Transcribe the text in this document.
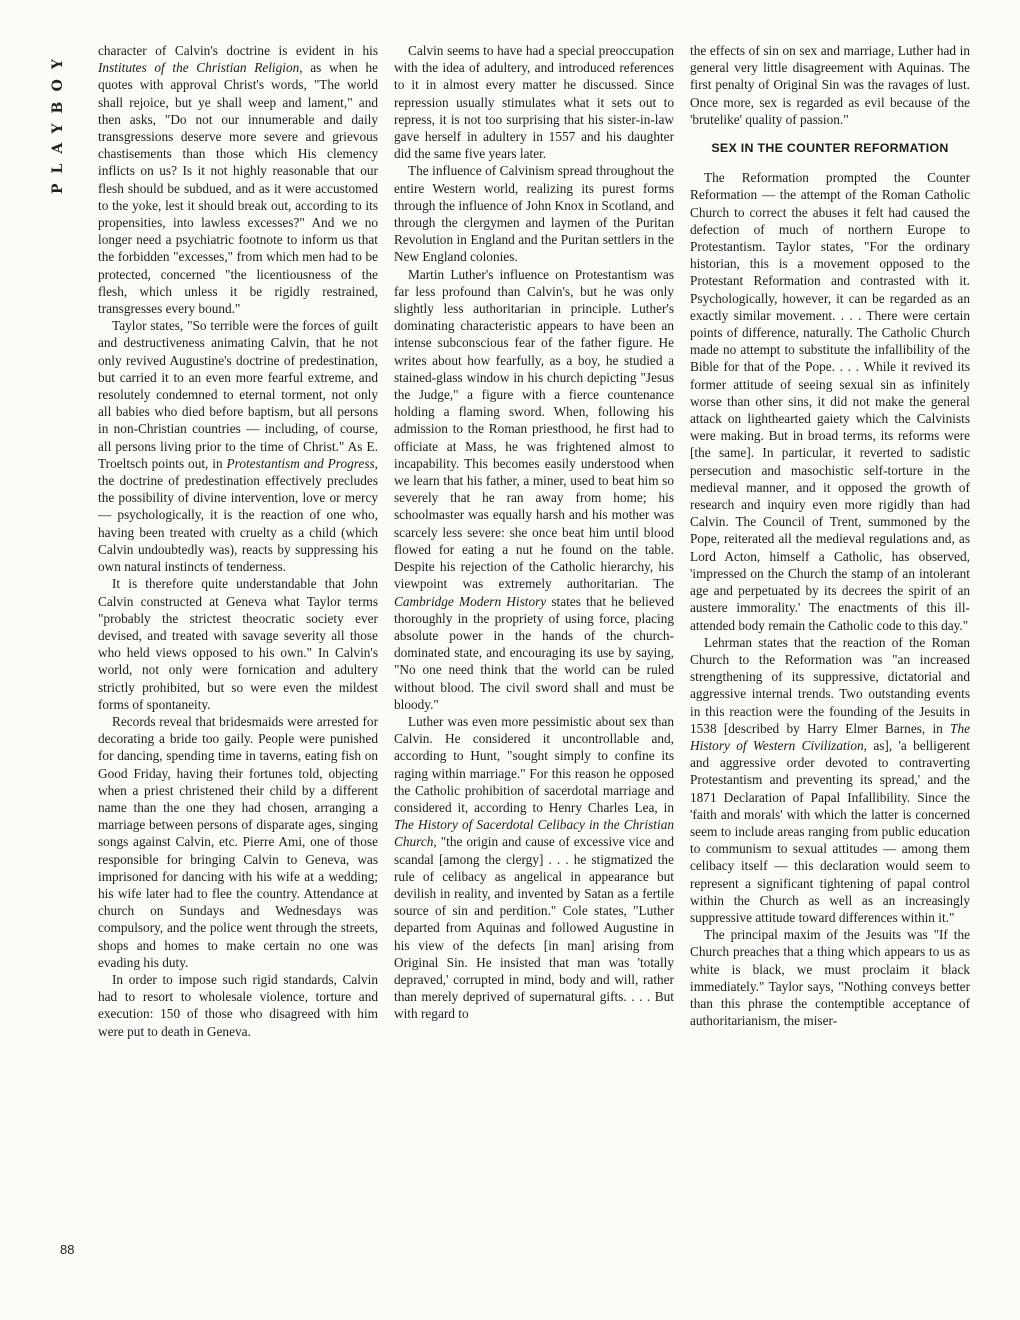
PLAYBOY	character of Calvin's doctrine is evident in his Institutes of the Christian Religion, as when he quotes with approval Christ's words, "The world shall rejoice, but ye shall weep and lament," and then asks, "Do not our innumerable and daily transgressions deserve more severe and grievous chastisements than those which His clemency inflicts on us? Is it not highly reasonable that our flesh should be subdued, and as it were accustomed to the yoke, lest it should break out, according to its propensities, into lawless excesses?" And we no longer need a psychiatric footnote to inform us that the forbidden "excesses," from which men had to be protected, concerned "the licentiousness of the flesh, which unless it be rigidly restrained, transgresses every bound."

Taylor states, "So terrible were the forces of guilt and destructiveness animating Calvin, that he not only revived Augustine's doctrine of predestination, but carried it to an even more fearful extreme, and resolutely condemned to eternal torment, not only all babies who died before baptism, but all persons in non-Christian countries — including, of course, all persons living prior to the time of Christ." As E. Troeltsch points out, in Protestantism and Progress, the doctrine of predestination effectively precludes the possibility of divine intervention, love or mercy — psychologically, it is the reaction of one who, having been treated with cruelty as a child (which Calvin undoubtedly was), reacts by suppressing his own natural instincts of tenderness.

It is therefore quite understandable that John Calvin constructed at Geneva what Taylor terms "probably the strictest theocratic society ever devised, and treated with savage severity all those who held views opposed to his own." In Calvin's world, not only were fornication and adultery strictly prohibited, but so were even the mildest forms of spontaneity.

Records reveal that bridesmaids were arrested for decorating a bride too gaily. People were punished for dancing, spending time in taverns, eating fish on Good Friday, having their fortunes told, objecting when a priest christened their child by a different name than the one they had chosen, arranging a marriage between persons of disparate ages, singing songs against Calvin, etc. Pierre Ami, one of those responsible for bringing Calvin to Geneva, was imprisoned for dancing with his wife at a wedding; his wife later had to flee the country. Attendance at church on Sundays and Wednesdays was compulsory, and the police went through the streets, shops and homes to make certain no one was evading his duty.

In order to impose such rigid standards, Calvin had to resort to wholesale violence, torture and execution: 150 of those who disagreed with him were put to death in Geneva.

Calvin seems to have had a special preoccupation with the idea of adultery, and introduced references to it in almost every matter he discussed. Since repression usually stimulates what it sets out to repress, it is not too surprising that his sister-in-law gave herself in adultery in 1557 and his daughter did the same five years later.

The influence of Calvinism spread throughout the entire Western world, realizing its purest forms through the influence of John Knox in Scotland, and through the clergymen and laymen of the Puritan Revolution in England and the Puritan settlers in the New England colonies.

Martin Luther's influence on Protestantism was far less profound than Calvin's, but he was only slightly less authoritarian in principle. Luther's dominating characteristic appears to have been an intense subconscious fear of the father figure. He writes about how fearfully, as a boy, he studied a stained-glass window in his church depicting "Jesus the Judge," a figure with a fierce countenance holding a flaming sword. When, following his admission to the Roman priesthood, he first had to officiate at Mass, he was frightened almost to incapability. This becomes easily understood when we learn that his father, a miner, used to beat him so severely that he ran away from home; his schoolmaster was equally harsh and his mother was scarcely less severe: she once beat him until blood flowed for eating a nut he found on the table. Despite his rejection of the Catholic hierarchy, his viewpoint was extremely authoritarian. The Cambridge Modern History states that he believed thoroughly in the propriety of using force, placing absolute power in the hands of the church-dominated state, and encouraging its use by saying, "No one need think that the world can be ruled without blood. The civil sword shall and must be bloody."

Luther was even more pessimistic about sex than Calvin. He considered it uncontrollable and, according to Hunt, "sought simply to confine its raging within marriage." For this reason he opposed the Catholic prohibition of sacerdotal marriage and considered it, according to Henry Charles Lea, in The History of Sacerdotal Celibacy in the Christian Church, "the origin and cause of excessive vice and scandal [among the clergy] . . . he stigmatized the rule of celibacy as angelical in appearance but devilish in reality, and invented by Satan as a fertile source of sin and perdition." Cole states, "Luther departed from Aquinas and followed Augustine in his view of the defects [in man] arising from Original Sin. He insisted that man was 'totally depraved,' corrupted in mind, body and will, rather than merely deprived of supernatural gifts. . . . But with regard to

the effects of sin on sex and marriage, Luther had in general very little disagreement with Aquinas. The first penalty of Original Sin was the ravages of lust. Once more, sex is regarded as evil because of the 'brutelike' quality of passion."

SEX IN THE COUNTER REFORMATION

The Reformation prompted the Counter Reformation — the attempt of the Roman Catholic Church to correct the abuses it felt had caused the defection of much of northern Europe to Protestantism. Taylor states, "For the ordinary historian, this is a movement opposed to the Protestant Reformation and contrasted with it. Psychologically, however, it can be regarded as an exactly similar movement. . . . There were certain points of difference, naturally. The Catholic Church made no attempt to substitute the infallibility of the Bible for that of the Pope. . . . While it revived its former attitude of seeing sexual sin as infinitely worse than other sins, it did not make the general attack on lighthearted gaiety which the Calvinists were making. But in broad terms, its reforms were [the same]. In particular, it reverted to sadistic persecution and masochistic self-torture in the medieval manner, and it opposed the growth of research and inquiry even more rigidly than had Calvin. The Council of Trent, summoned by the Pope, reiterated all the medieval regulations and, as Lord Acton, himself a Catholic, has observed, 'impressed on the Church the stamp of an intolerant age and perpetuated by its decrees the spirit of an austere immorality.' The enactments of this ill-attended body remain the Catholic code to this day."

Lehrman states that the reaction of the Roman Church to the Reformation was "an increased strengthening of its suppressive, dictatorial and aggressive internal trends. Two outstanding events in this reaction were the founding of the Jesuits in 1538 [described by Harry Elmer Barnes, in The History of Western Civilization, as], 'a belligerent and aggressive order devoted to contraverting Protestantism and preventing its spread,' and the 1871 Declaration of Papal Infallibility. Since the 'faith and morals' with which the latter is concerned seem to include areas ranging from public education to communism to sexual attitudes — among them celibacy itself — this declaration would seem to represent a significant tightening of papal control within the Church as well as an increasingly suppressive attitude toward differences within it."

The principal maxim of the Jesuits was "If the Church preaches that a thing which appears to us as white is black, we must proclaim it black immediately." Taylor says, "Nothing conveys better than this phrase the contemptible acceptance of authoritarianism, the miser-

88
